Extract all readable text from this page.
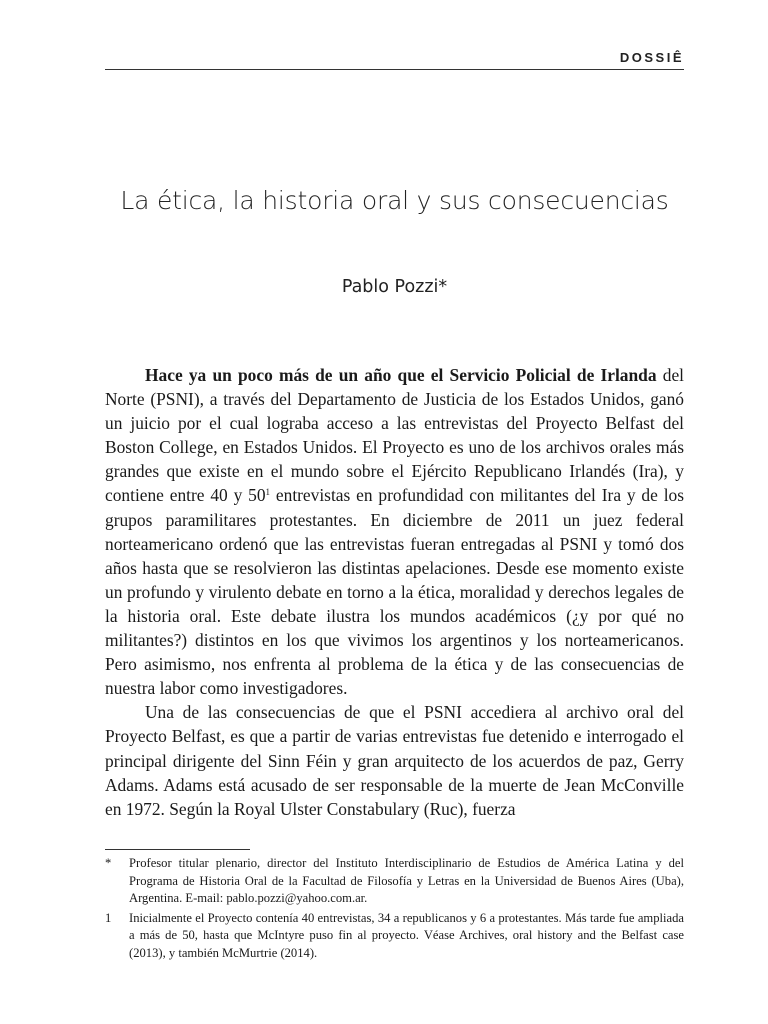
DOSSIÊ
La ética, la historia oral y sus consecuencias
Pablo Pozzi*

Hace ya un poco más de un año que el Servicio Policial de Irlanda del Norte (PSNI), a través del Departamento de Justicia de los Estados Unidos, ganó un juicio por el cual lograba acceso a las entrevistas del Proyecto Belfast del Boston College, en Estados Unidos. El Proyecto es uno de los archivos orales más grandes que existe en el mundo sobre el Ejército Republicano Irlandés (Ira), y contiene entre 40 y $50^1$ entrevistas en profundidad con militantes del Ira y de los grupos paramilitares protestantes. En diciembre de 2011 un juez federal norteamericano ordenó que las entrevistas fueran entregadas al PSNI y tomó dos años hasta que se resolvieron las distintas apelaciones. Desde ese momento existe un profundo y virulento debate en torno a la ética, moralidad y derechos legales de la historia oral. Este debate ilustra los mundos académicos (¿y por qué no militantes?) distintos en los que vivimos los argentinos y los norteamericanos. Pero asimismo, nos enfrenta al problema de la ética y de las consecuencias de nuestra labor como investigadores.

Una de las consecuencias de que el PSNI accediera al archivo oral del Proyecto Belfast, es que a partir de varias entrevistas fue detenido e interrogado el principal dirigente del Sinn Féin y gran arquitecto de los acuerdos de paz, Gerry Adams. Adams está acusado de ser responsable de la muerte de Jean McConville en 1972. Según la Royal Ulster Constabulary (Ruc), fuerza

*	Profesor titular plenario, director del Instituto Interdisciplinario de Estudios de América Latina y del Programa de Historia Oral de la Facultad de Filosofía y Letras en la Universidad de Buenos Aires (Uba), Argentina. E-mail: pablo.pozzi@yahoo.com.ar.
1	Inicialmente el Proyecto contenía 40 entrevistas, 34 a republicanos y 6 a protestantes. Más tarde fue ampliada a más de 50, hasta que McIntyre puso fin al proyecto. Véase Archives, oral history and the Belfast case (2013), y también McMurtrie (2014).
